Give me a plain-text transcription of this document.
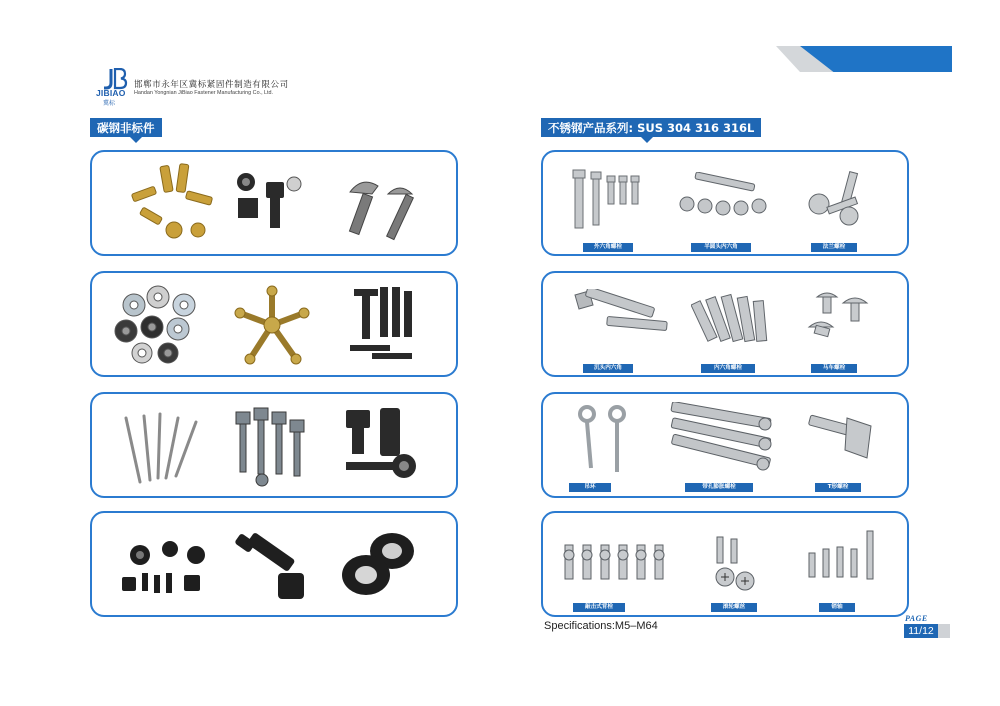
JIBIAO
冀标
邯郸市永年区冀标紧固件制造有限公司
Handan Yongnian JiBiao Fastener Manufacturing Co., Ltd.
碳钢非标件	不锈钢产品系列: SUS 304 316 316L
外六角螺栓	半圆头内六角	法兰螺栓
沉头内六角	内六角螺栓	马车螺栓
吊环	带孔膨胀螺栓	T形螺栓
敲击式背栓	滚轮螺丝	销轴
Specifications:M5–M64
PAGE
11/12
